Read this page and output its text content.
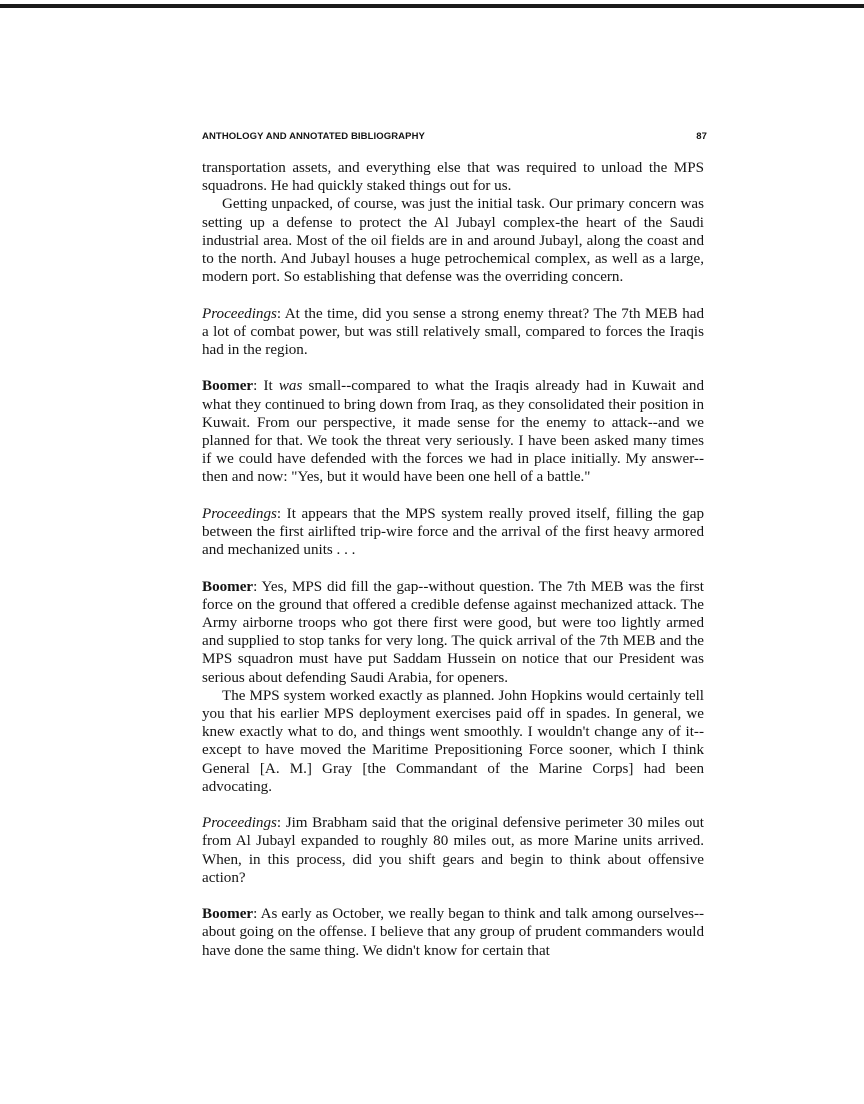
ANTHOLOGY AND ANNOTATED BIBLIOGRAPHY	87

transportation assets, and everything else that was required to unload the MPS squadrons. He had quickly staked things out for us.

Getting unpacked, of course, was just the initial task. Our primary concern was setting up a defense to protect the Al Jubayl complex-the heart of the Saudi industrial area. Most of the oil fields are in and around Jubayl, along the coast and to the north. And Jubayl houses a huge petrochemical complex, as well as a large, modern port. So establishing that defense was the overriding concern.

Proceedings: At the time, did you sense a strong enemy threat? The 7th MEB had a lot of combat power, but was still relatively small, compared to forces the Iraqis had in the region.

Boomer: It was small--compared to what the Iraqis already had in Kuwait and what they continued to bring down from Iraq, as they consolidated their position in Kuwait. From our perspective, it made sense for the enemy to attack--and we planned for that. We took the threat very seriously. I have been asked many times if we could have defended with the forces we had in place initially. My answer--then and now: "Yes, but it would have been one hell of a battle."

Proceedings: It appears that the MPS system really proved itself, filling the gap between the first airlifted trip-wire force and the arrival of the first heavy armored and mechanized units . . .

Boomer: Yes, MPS did fill the gap--without question. The 7th MEB was the first force on the ground that offered a credible defense against mechanized attack. The Army airborne troops who got there first were good, but were too lightly armed and supplied to stop tanks for very long. The quick arrival of the 7th MEB and the MPS squadron must have put Saddam Hussein on notice that our President was serious about defending Saudi Arabia, for openers.

The MPS system worked exactly as planned. John Hopkins would certainly tell you that his earlier MPS deployment exercises paid off in spades. In general, we knew exactly what to do, and things went smoothly. I wouldn't change any of it--except to have moved the Maritime Prepositioning Force sooner, which I think General [A. M.] Gray [the Commandant of the Marine Corps] had been advocating.

Proceedings: Jim Brabham said that the original defensive perimeter 30 miles out from Al Jubayl expanded to roughly 80 miles out, as more Marine units arrived. When, in this process, did you shift gears and begin to think about offensive action?

Boomer: As early as October, we really began to think and talk among ourselves--about going on the offense. I believe that any group of prudent commanders would have done the same thing. We didn't know for certain that
